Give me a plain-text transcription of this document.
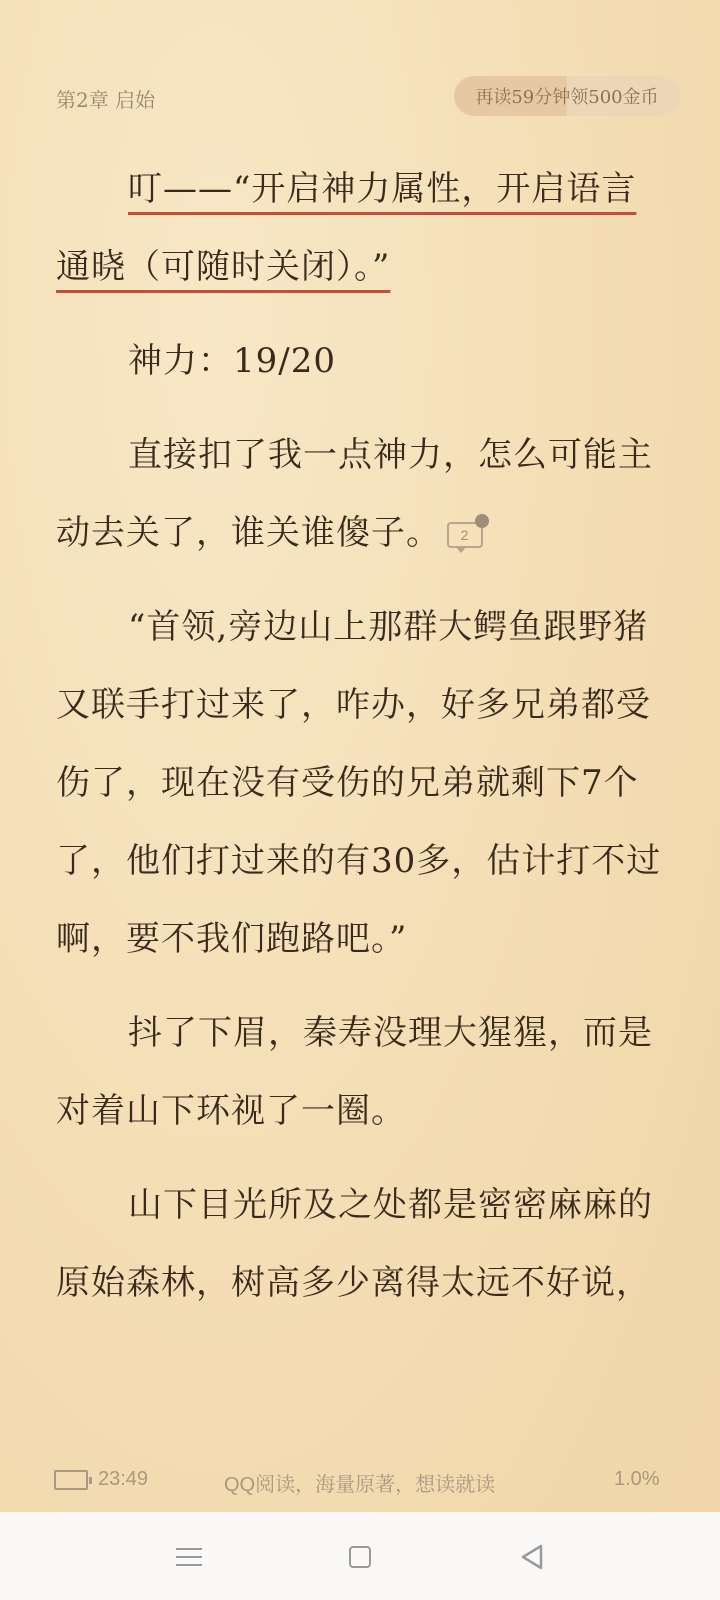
第2章 启始	再读59分钟领500金币

叮——“开启神力属性，开启语言通晓（可随时关闭）。”

神力：19/20

直接扣了我一点神力，怎么可能主动去关了，谁关谁傻子。 2

“首领,旁边山上那群大鳄鱼跟野猪又联手打过来了，咋办，好多兄弟都受伤了，现在没有受伤的兄弟就剩下7个了，他们打过来的有30多，估计打不过啊，要不我们跑路吧。”

抖了下眉，秦寿没理大猩猩，而是对着山下环视了一圈。

山下目光所及之处都是密密麻麻的原始森林，树高多少离得太远不好说，

23:49	QQ阅读，海量原著，想读就读	1.0%
